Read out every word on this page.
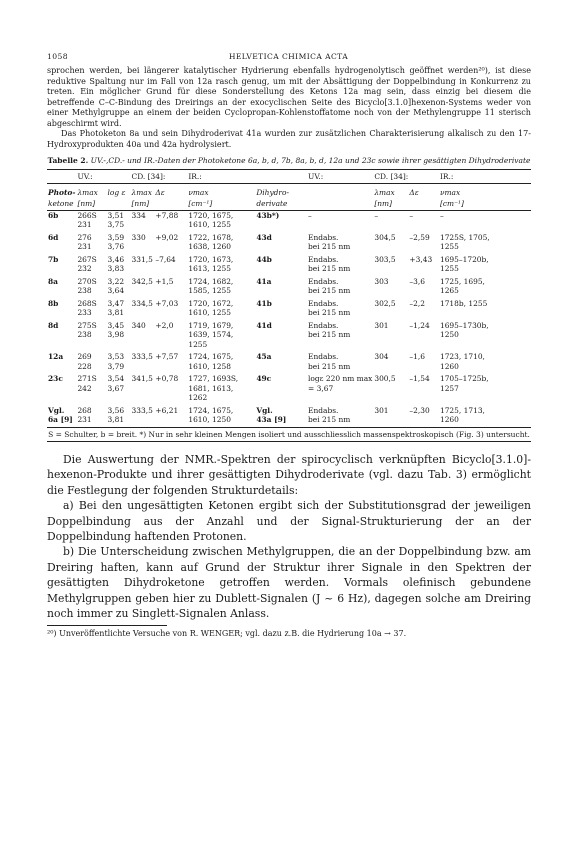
1058	HELVETICA CHIMICA ACTA

sprochen werden, bei längerer katalytischer Hydrierung ebenfalls hydrogenolytisch geöffnet werden²⁰), ist diese reduktive Spaltung nur im Fall von 12a rasch genug, um mit der Absättigung der Doppelbindung in Konkurrenz zu treten. Ein möglicher Grund für diese Sonderstellung des Ketons 12a mag sein, dass einzig bei diesem die betreffende C–C-Bindung des Dreirings an der exocyclischen Seite des Bicyclo[3.1.0]hexenon-Systems weder von einer Methylgruppe an einem der beiden Cyclopropan-Kohlenstoffatome noch von der Methylengruppe 11 sterisch abgeschirmt wird.

Das Photoketon 8a und sein Dihydroderivat 41a wurden zur zusätzlichen Charakterisierung alkalisch zu den 17-Hydroxyprodukten 40a und 42a hydrolysiert.

Tabelle 2. UV.-,CD.- und IR.-Daten der Photoketone 6a, b, d, 7b, 8a, b, d, 12a und 23c sowie ihrer gesättigten Dihydroderivate
	UV.:		CD. [34]:		IR.:		UV.:	CD. [34]:		IR.:

Photo-	λmax	log ε	λmax	Δε	νmax	Dihydro-		λmax	Δε	νmax
ketone	[nm]		[nm]		[cm⁻¹]	derivate		[nm]		[cm⁻¹]

6b	266S	3,51	334	+7,88	1720, 1675,	43b*)	–	–	–	–
	231	3,75			1610, 1255					
6d	276	3,59	330	+9,02	1722, 1678,	43d	Endabs.	304,5	–2,59	1725S, 1705,
	231	3,76			1638, 1260		bei 215 nm			1255
7b	267S	3,46	331,5	–7,64	1720, 1673,	44b	Endabs.	303,5	+3,43	1695–1720b,
	232	3,83			1613, 1255		bei 215 nm			1255
8a	270S	3,22	342,5	+1,5	1724, 1682,	41a	Endabs.	303	–3,6	1725, 1695,
	238	3,64			1585, 1255		bei 215 nm			1265
8b	268S	3,47	334,5	+7,03	1720, 1672,	41b	Endabs.	302,5	–2,2	1718b, 1255
	233	3,81			1610, 1255		bei 215 nm			
8d	275S	3,45	340	+2,0	1719, 1679,	41d	Endabs.	301	–1,24	1695–1730b,
	238	3,98			1639, 1574,		bei 215 nm			1250
					1255					
12a	269	3,53	333,5	+7,57	1724, 1675,	45a	Endabs.	304	–1,6	1723, 1710,
	228	3,79			1610, 1258		bei 215 nm			1260
23c	271S	3,54	341,5	+0,78	1727, 1693S,	49c	logε 220 nm max	300,5	–1,54	1705–1725b,
	242	3,67			1681, 1613,		= 3,67			1257
					1262					
Vgl.	268	3,56	333,5	+6,21	1724, 1675,	Vgl.	Endabs.	301	–2,30	1725, 1713,
6a [9]	231	3,81			1610, 1250	43a [9]	bei 215 nm			1260
S = Schulter, b = breit. *) Nur in sehr kleinen Mengen isoliert und ausschliesslich massenspektroskopisch (Fig. 3) untersucht.

Die Auswertung der NMR.-Spektren der spirocyclisch verknüpften Bicyclo[3.1.0]-hexenon-Produkte und ihrer gesättigten Dihydroderivate (vgl. dazu Tab. 3) ermöglicht die Festlegung der folgenden Strukturdetails:

a) Bei den ungesättigten Ketonen ergibt sich der Substitutionsgrad der jeweiligen Doppelbindung aus der Anzahl und der Signal-Strukturierung der an der Doppelbindung haftenden Protonen.

b) Die Unterscheidung zwischen Methylgruppen, die an der Doppelbindung bzw. am Dreiring haften, kann auf Grund der Struktur ihrer Signale in den Spektren der gesättigten Dihydroketone getroffen werden. Vormals olefinisch gebundene Methylgruppen geben hier zu Dublett-Signalen (J ~ 6 Hz), dagegen solche am Dreiring noch immer zu Singlett-Signalen Anlass.

²⁰) Unveröffentlichte Versuche von R. WENGER; vgl. dazu z.B. die Hydrierung 10a → 37.
